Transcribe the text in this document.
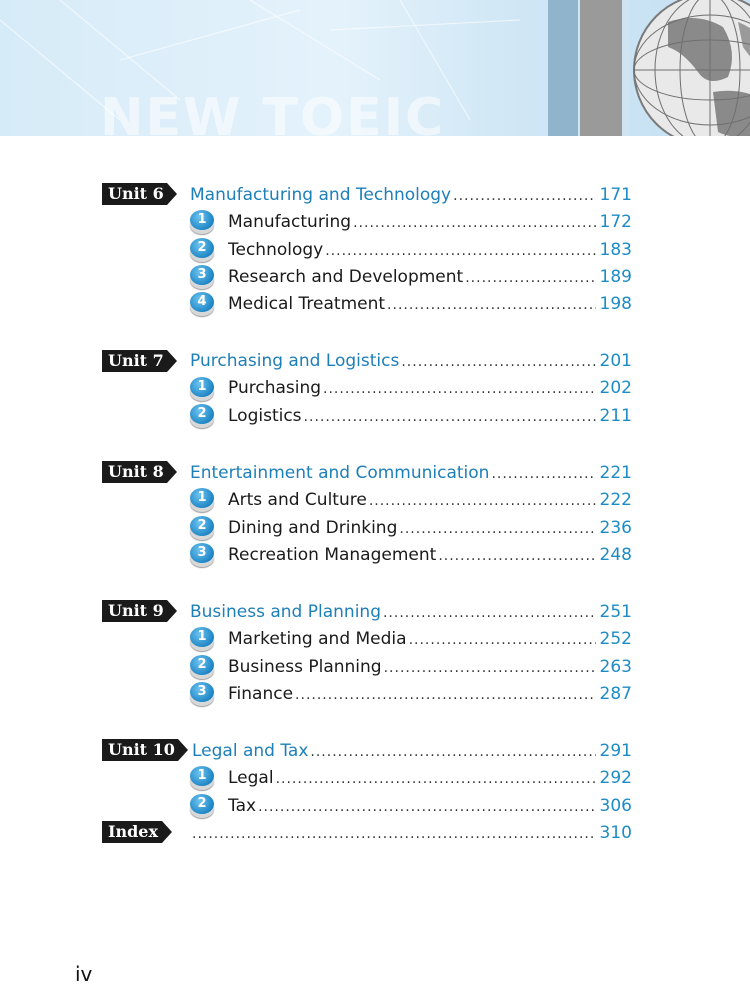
NEW TOEIC
Unit 6 Manufacturing and Technology .....	171
1	Manufacturing .....	172
2	Technology .....	183
3	Research and Development .....	189
4	Medical Treatment .....	198
Unit 7 Purchasing and Logistics .....	201
1	Purchasing .....	202
2	Logistics .....	211
Unit 8 Entertainment and Communication .....	221
1	Arts and Culture .....	222
2	Dining and Drinking .....	236
3	Recreation Management .....	248
Unit 9 Business and Planning .....	251
1	Marketing and Media .....	252
2	Business Planning .....	263
3	Finance .....	287
Unit 10 Legal and Tax .....	291
1	Legal .....	292
2	Tax .....	306
Index .....	310
iv
